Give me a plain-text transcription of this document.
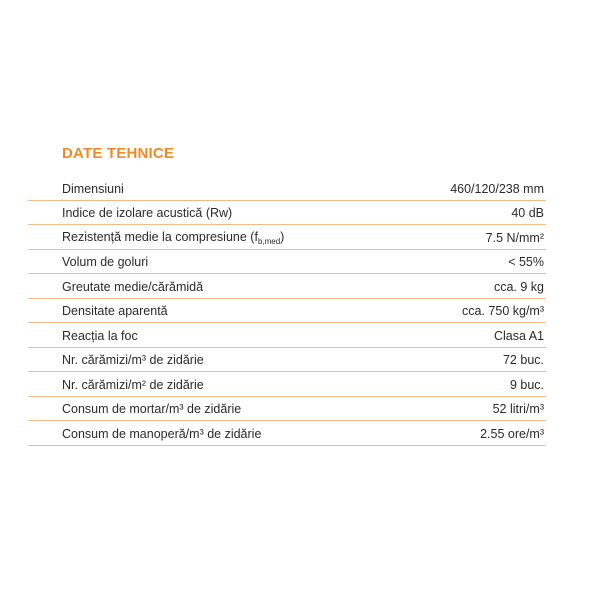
DATE TEHNICE
Dimensiuni	460/120/238 mm
Indice de izolare acustică (Rw)	40 dB
Rezistență medie la compresiune $(f_{b,med})$	7.5 N/mm²
Volum de goluri	< 55%
Greutate medie/cărămidă	cca. 9 kg
Densitate aparentă	cca. 750 kg/m³
Reacția la foc	Clasa A1
Nr. cărămizi/m³ de zidărie	72 buc.
Nr. cărămizi/m² de zidărie	9 buc.
Consum de mortar/m³ de zidărie	52 litri/m³
Consum de manoperă/m³ de zidărie	2.55 ore/m³
